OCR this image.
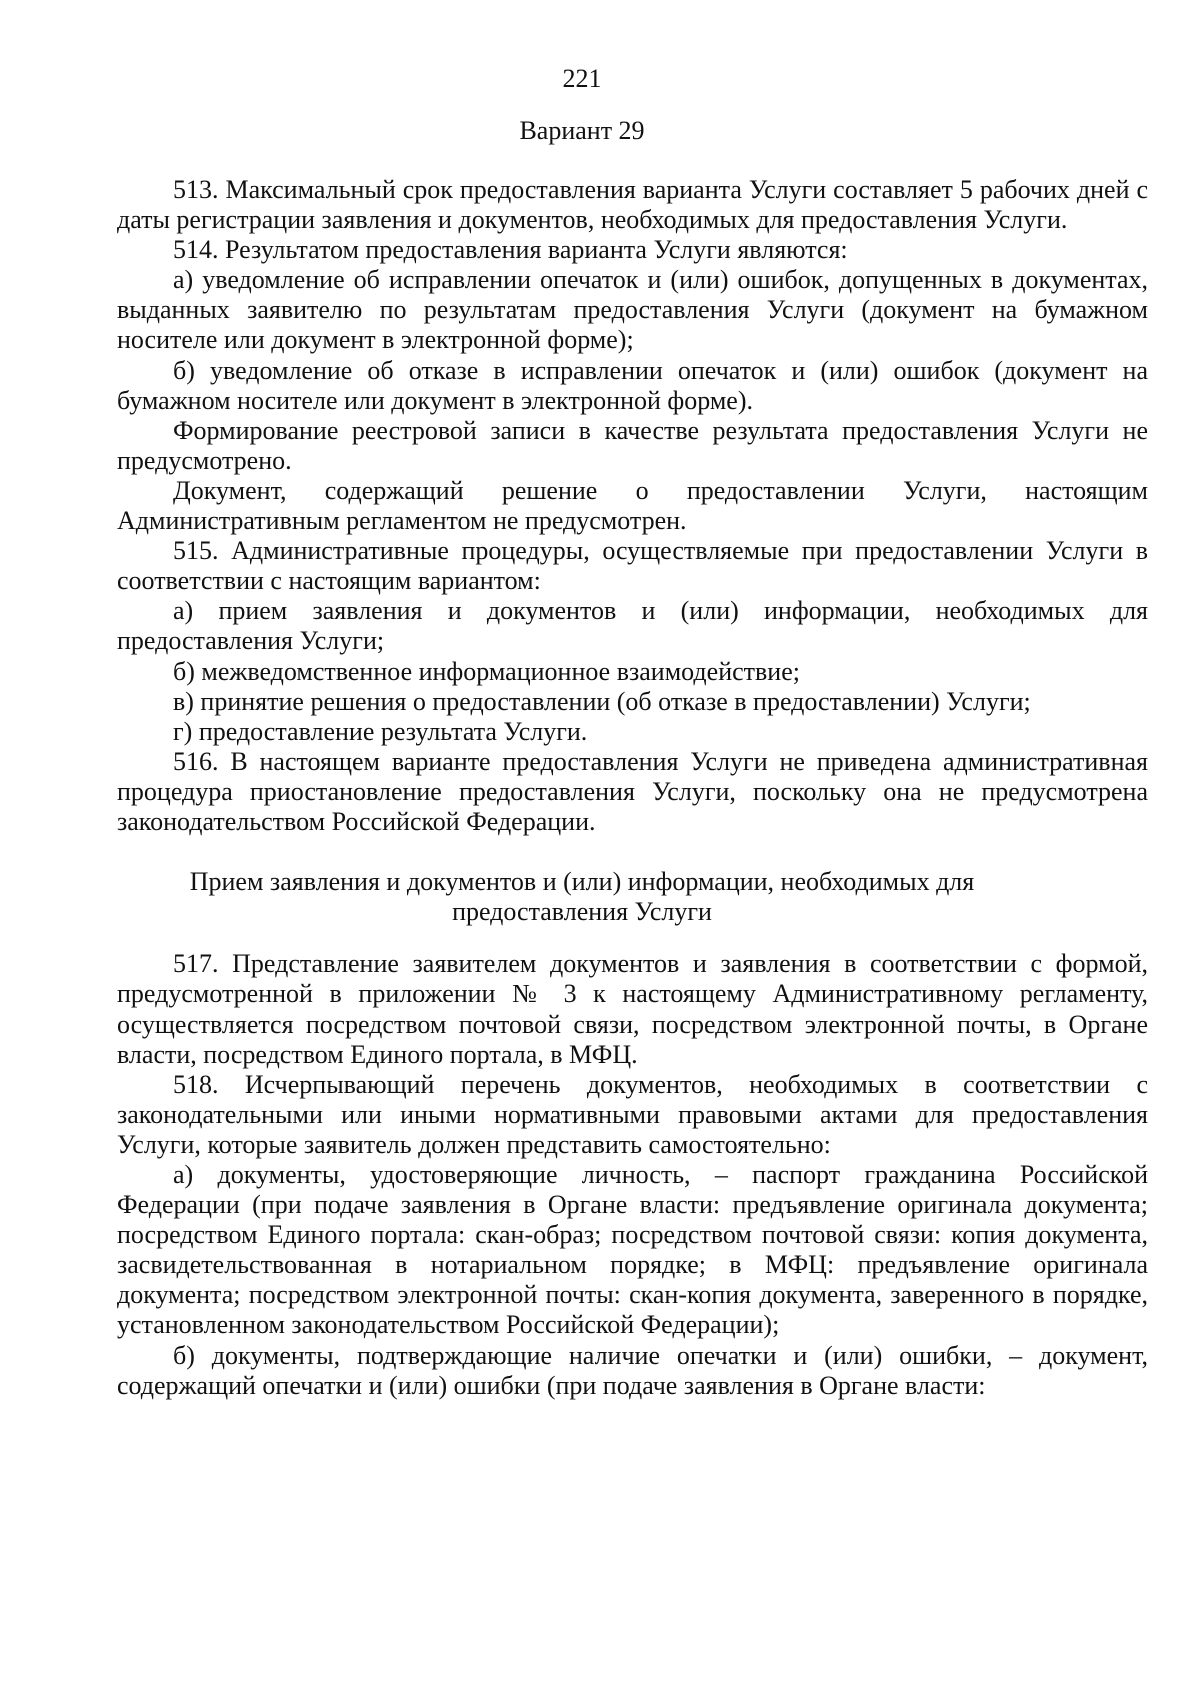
221
Вариант 29

513. Максимальный срок предоставления варианта Услуги составляет 5 рабочих дней с даты регистрации заявления и документов, необходимых для предоставления Услуги.

514. Результатом предоставления варианта Услуги являются:

а) уведомление об исправлении опечаток и (или) ошибок, допущенных в документах, выданных заявителю по результатам предоставления Услуги (документ на бумажном носителе или документ в электронной форме);

б) уведомление об отказе в исправлении опечаток и (или) ошибок (документ на бумажном носителе или документ в электронной форме).

Формирование реестровой записи в качестве результата предоставления Услуги не предусмотрено.

Документ, содержащий решение о предоставлении Услуги, настоящим Административным регламентом не предусмотрен.

515. Административные процедуры, осуществляемые при предоставлении Услуги в соответствии с настоящим вариантом:

а) прием заявления и документов и (или) информации, необходимых для предоставления Услуги;

б) межведомственное информационное взаимодействие;

в) принятие решения о предоставлении (об отказе в предоставлении) Услуги;

г) предоставление результата Услуги.

516. В настоящем варианте предоставления Услуги не приведена административная процедура приостановление предоставления Услуги, поскольку она не предусмотрена законодательством Российской Федерации.

Прием заявления и документов и (или) информации, необходимых для предоставления Услуги

517. Представление заявителем документов и заявления в соответствии с формой, предусмотренной в приложении № 3 к настоящему Административному регламенту, осуществляется посредством почтовой связи, посредством электронной почты, в Органе власти, посредством Единого портала, в МФЦ.

518. Исчерпывающий перечень документов, необходимых в соответствии с законодательными или иными нормативными правовыми актами для предоставления Услуги, которые заявитель должен представить самостоятельно:

а) документы, удостоверяющие личность, – паспорт гражданина Российской Федерации (при подаче заявления в Органе власти: предъявление оригинала документа; посредством Единого портала: скан-образ; посредством почтовой связи: копия документа, засвидетельствованная в нотариальном порядке; в МФЦ: предъявление оригинала документа; посредством электронной почты: скан-копия документа, заверенного в порядке, установленном законодательством Российской Федерации);

б) документы, подтверждающие наличие опечатки и (или) ошибки, – документ, содержащий опечатки и (или) ошибки (при подаче заявления в Органе власти:
